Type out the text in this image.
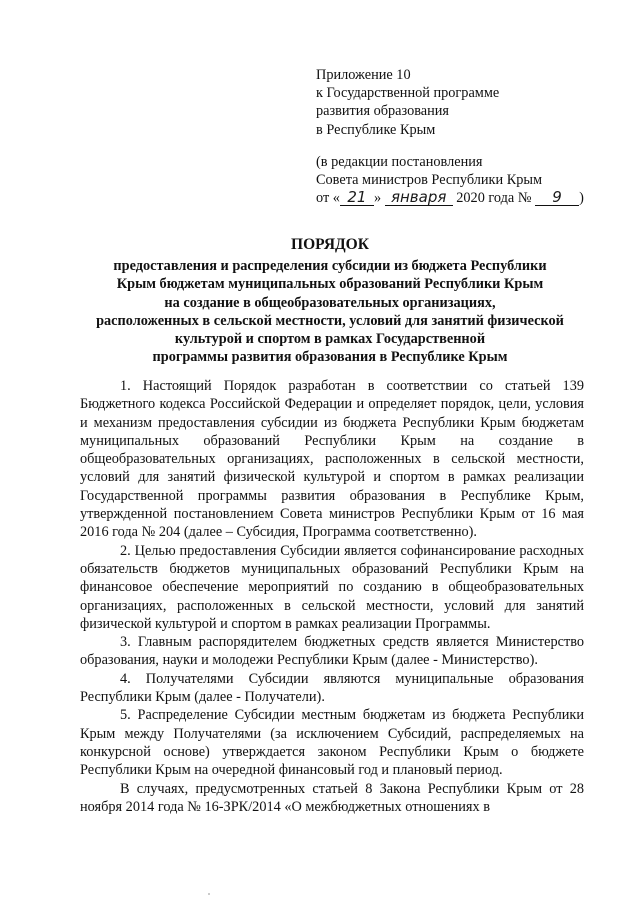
Приложение 10
к Государственной программе
развития образования
в Республике Крым
(в редакции постановления
Совета министров Республики Крым
от « 21 » января 2020 года № 9 )
ПОРЯДОК
предоставления и распределения субсидии из бюджета Республики
Крым бюджетам муниципальных образований Республики Крым
на создание в общеобразовательных организациях,
расположенных в сельской местности, условий для занятий физической
культурой и спортом в рамках Государственной
программы развития образования в Республике Крым

1. Настоящий Порядок разработан в соответствии со статьей 139 Бюджетного кодекса Российской Федерации и определяет порядок, цели, условия и механизм предоставления субсидии из бюджета Республики Крым бюджетам муниципальных образований Республики Крым на создание в общеобразовательных организациях, расположенных в сельской местности, условий для занятий физической культурой и спортом в рамках реализации Государственной программы развития образования в Республике Крым, утвержденной постановлением Совета министров Республики Крым от 16 мая 2016 года № 204 (далее – Субсидия, Программа соответственно).

2. Целью предоставления Субсидии является софинансирование расходных обязательств бюджетов муниципальных образований Республики Крым на финансовое обеспечение мероприятий по созданию в общеобразовательных организациях, расположенных в сельской местности, условий для занятий физической культурой и спортом в рамках реализации Программы.

3. Главным распорядителем бюджетных средств является Министерство образования, науки и молодежи Республики Крым (далее - Министерство).

4. Получателями Субсидии являются муниципальные образования Республики Крым (далее - Получатели).

5. Распределение Субсидии местным бюджетам из бюджета Республики Крым между Получателями (за исключением Субсидий, распределяемых на конкурсной основе) утверждается законом Республики Крым о бюджете Республики Крым на очередной финансовый год и плановый период.

В случаях, предусмотренных статьей 8 Закона Республики Крым от 28 ноября 2014 года № 16-ЗРК/2014 «О межбюджетных отношениях в
